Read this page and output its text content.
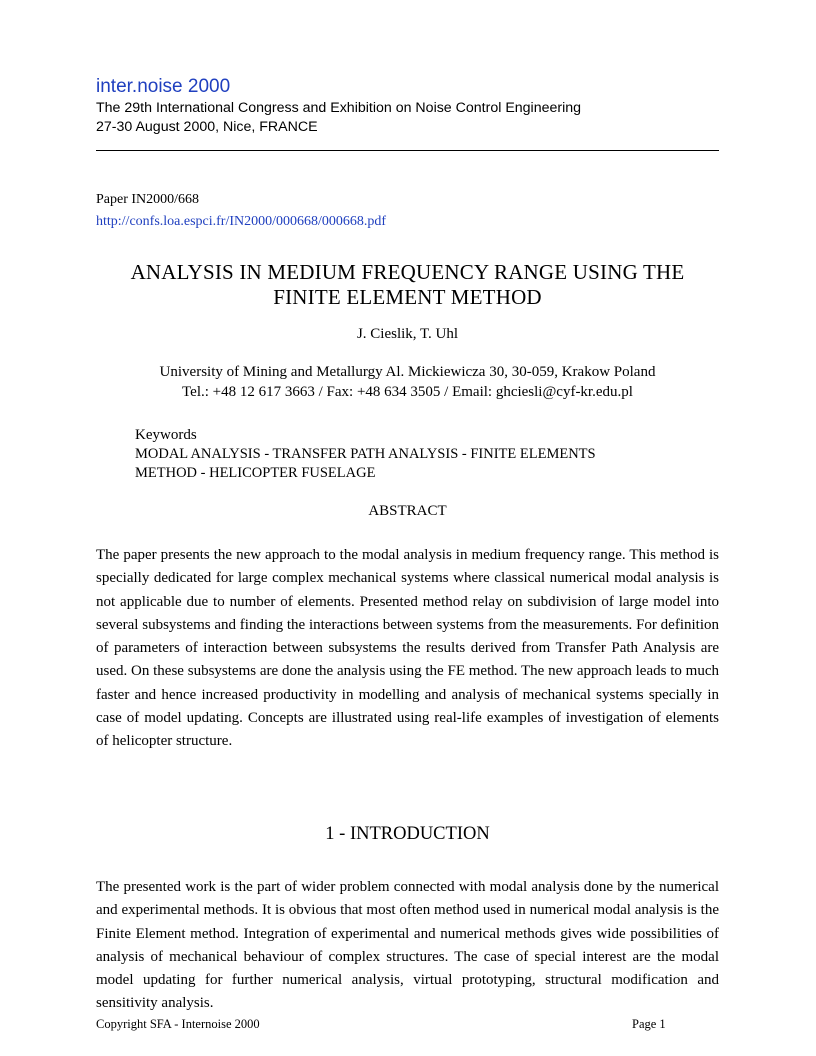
inter.noise 2000
The 29th International Congress and Exhibition on Noise Control Engineering
27-30 August 2000, Nice, FRANCE
Paper IN2000/668
http://confs.loa.espci.fr/IN2000/000668/000668.pdf
ANALYSIS IN MEDIUM FREQUENCY RANGE USING THE
FINITE ELEMENT METHOD
J. Cieslik, T. Uhl
University of Mining and Metallurgy Al. Mickiewicza 30, 30-059, Krakow Poland
Tel.: +48 12 617 3663 / Fax: +48 634 3505 / Email: ghciesli@cyf-kr.edu.pl
Keywords
MODAL ANALYSIS - TRANSFER PATH ANALYSIS - FINITE ELEMENTS
METHOD - HELICOPTER FUSELAGE
ABSTRACT
The paper presents the new approach to the modal analysis in medium frequency range. This method is specially dedicated for large complex mechanical systems where classical numerical modal analysis is not applicable due to number of elements. Presented method relay on subdivision of large model into several subsystems and finding the interactions between systems from the measurements. For definition of parameters of interaction between subsystems the results derived from Transfer Path Analysis are used. On these subsystems are done the analysis using the FE method. The new approach leads to much faster and hence increased productivity in modelling and analysis of mechanical systems specially in case of model updating. Concepts are illustrated using real-life examples of investigation of elements of helicopter structure.
1 - INTRODUCTION
The presented work is the part of wider problem connected with modal analysis done by the numerical and experimental methods. It is obvious that most often method used in numerical modal analysis is the Finite Element method. Integration of experimental and numerical methods gives wide possibilities of analysis of mechanical behaviour of complex structures. The case of special interest are the modal model updating for further numerical analysis, virtual prototyping, structural modification and sensitivity analysis.
Copyright SFA - Internoise 2000	Page 1
